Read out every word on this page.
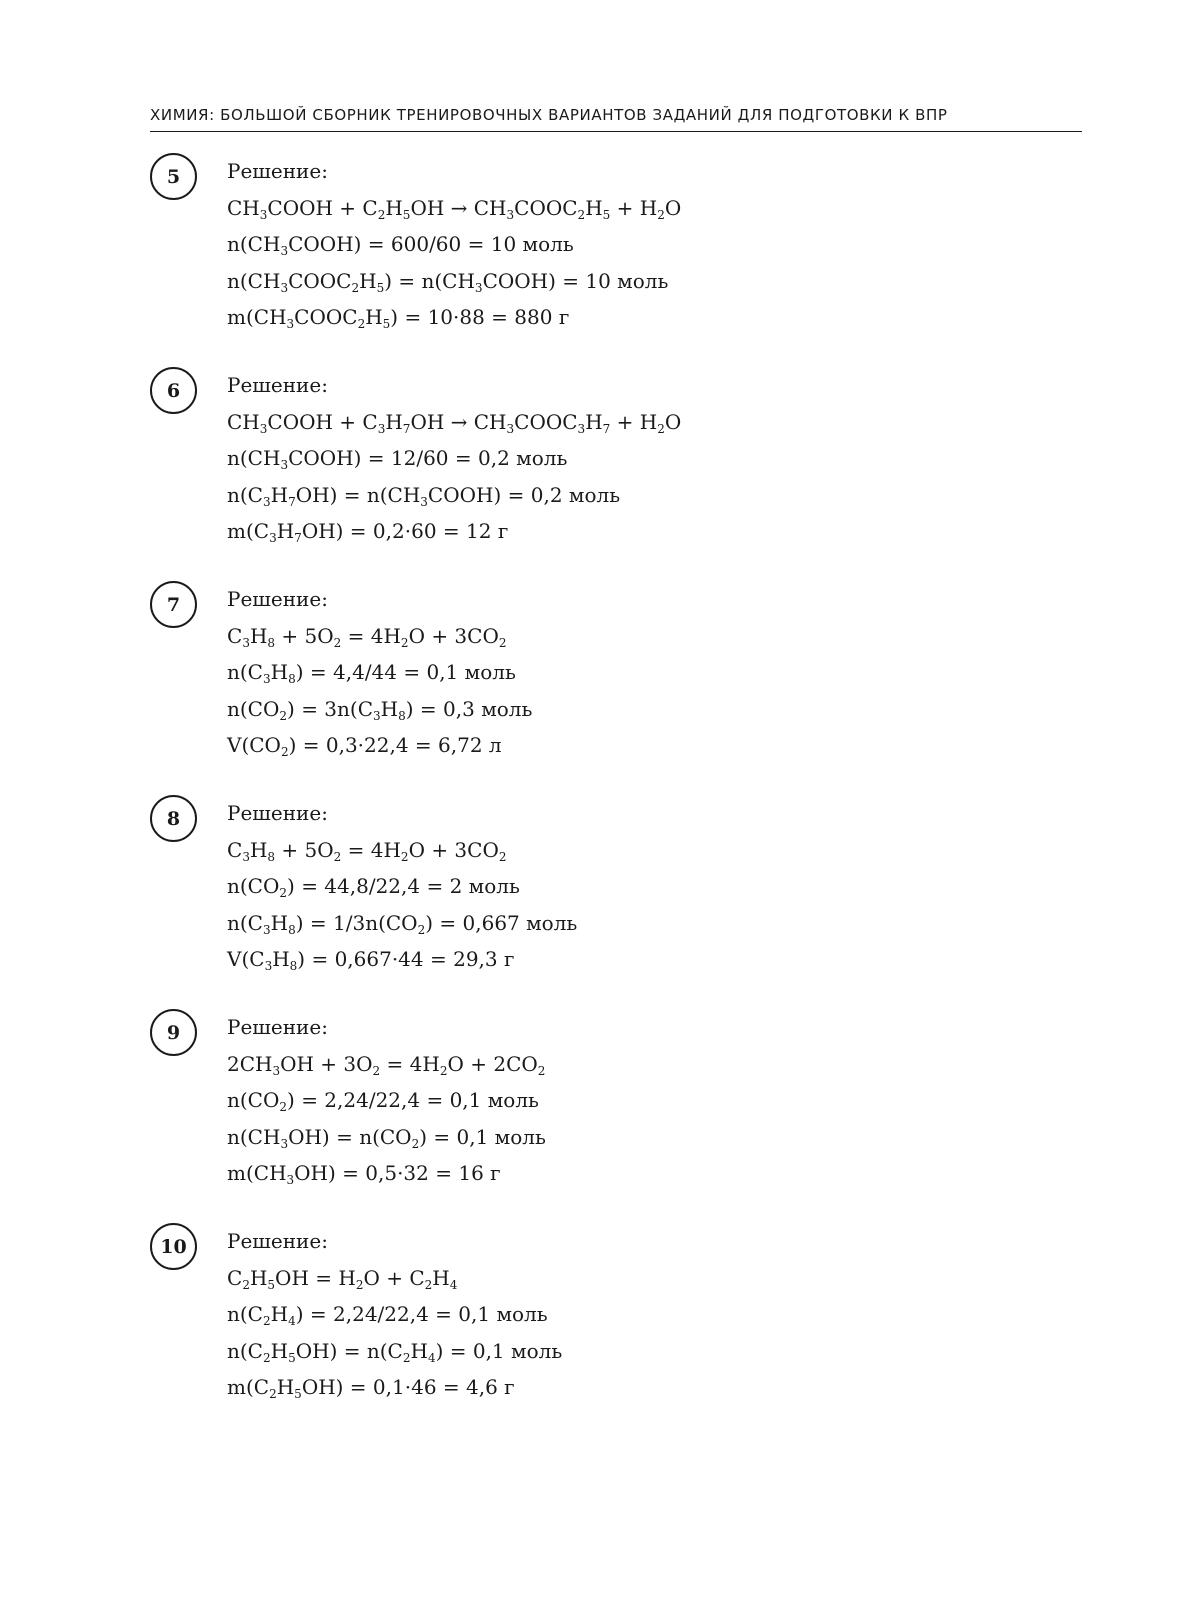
ХИМИЯ: БОЛЬШОЙ СБОРНИК ТРЕНИРОВОЧНЫХ ВАРИАНТОВ ЗАДАНИЙ ДЛЯ ПОДГОТОВКИ К ВПР
5	Решение:
$CH_3COOH + C_2H_5OH$ → $CH_3COOC_2H_5 + H_2O$
$n(CH_3COOH) = 600/60 = 10$ моль
$n(CH_3COOC_2H_5)$ = $n(CH_3COOH) = 10$ моль
$m(CH_3COOC_2H_5) = 10\cdot 88 = 880$ г
6	Решение:
$CH_3COOH + C_3H_7OH$ → $CH_3COOC_3H_7 + H_2O$
$n(CH_3COOH) = 12/60 = 0,2$ моль
$n(C_3H_7OH)$ = $n(CH_3COOH) = 0,2$ моль
$m(C_3H_7OH) = 0,2\cdot 60 = 12$ г
7	Решение:
$C_3H_8 + 5O_2 = 4H_2O + 3CO_2$
$n(C_3H_8) = 4,4/44 = 0,1$ моль
$n(CO_2) = 3n(C_3H_8) = 0,3$ моль
$V(CO_2) = 0,3\cdot 22,4 = 6,72$ л
8	Решение:
$C_3H_8 + 5O_2 = 4H_2O + 3CO_2$
$n(CO_2) = 44,8/22,4 = 2$ моль
$n(C_3H_8) = 1/3n(CO_2) = 0,667$ моль
$V(C_3H_8) = 0,667\cdot 44 = 29,3$ г
9	Решение:
$2CH_3OH + 3O_2 = 4H_2O + 2CO_2$
$n(CO_2) = 2,24/22,4 = 0,1$ моль
$n(CH_3OH) = n(CO_2) = 0,1$ моль
$m(CH_3OH) = 0,5\cdot 32 = 16$ г
10	Решение:
$C_2H_5OH = H_2O + C_2H_4$
$n(C_2H_4) = 2,24/22,4 = 0,1$ моль
$n(C_2H_5OH) = n(C_2H_4) = 0,1$ моль
$m(C_2H_5OH) = 0,1\cdot 46 = 4,6$ г
